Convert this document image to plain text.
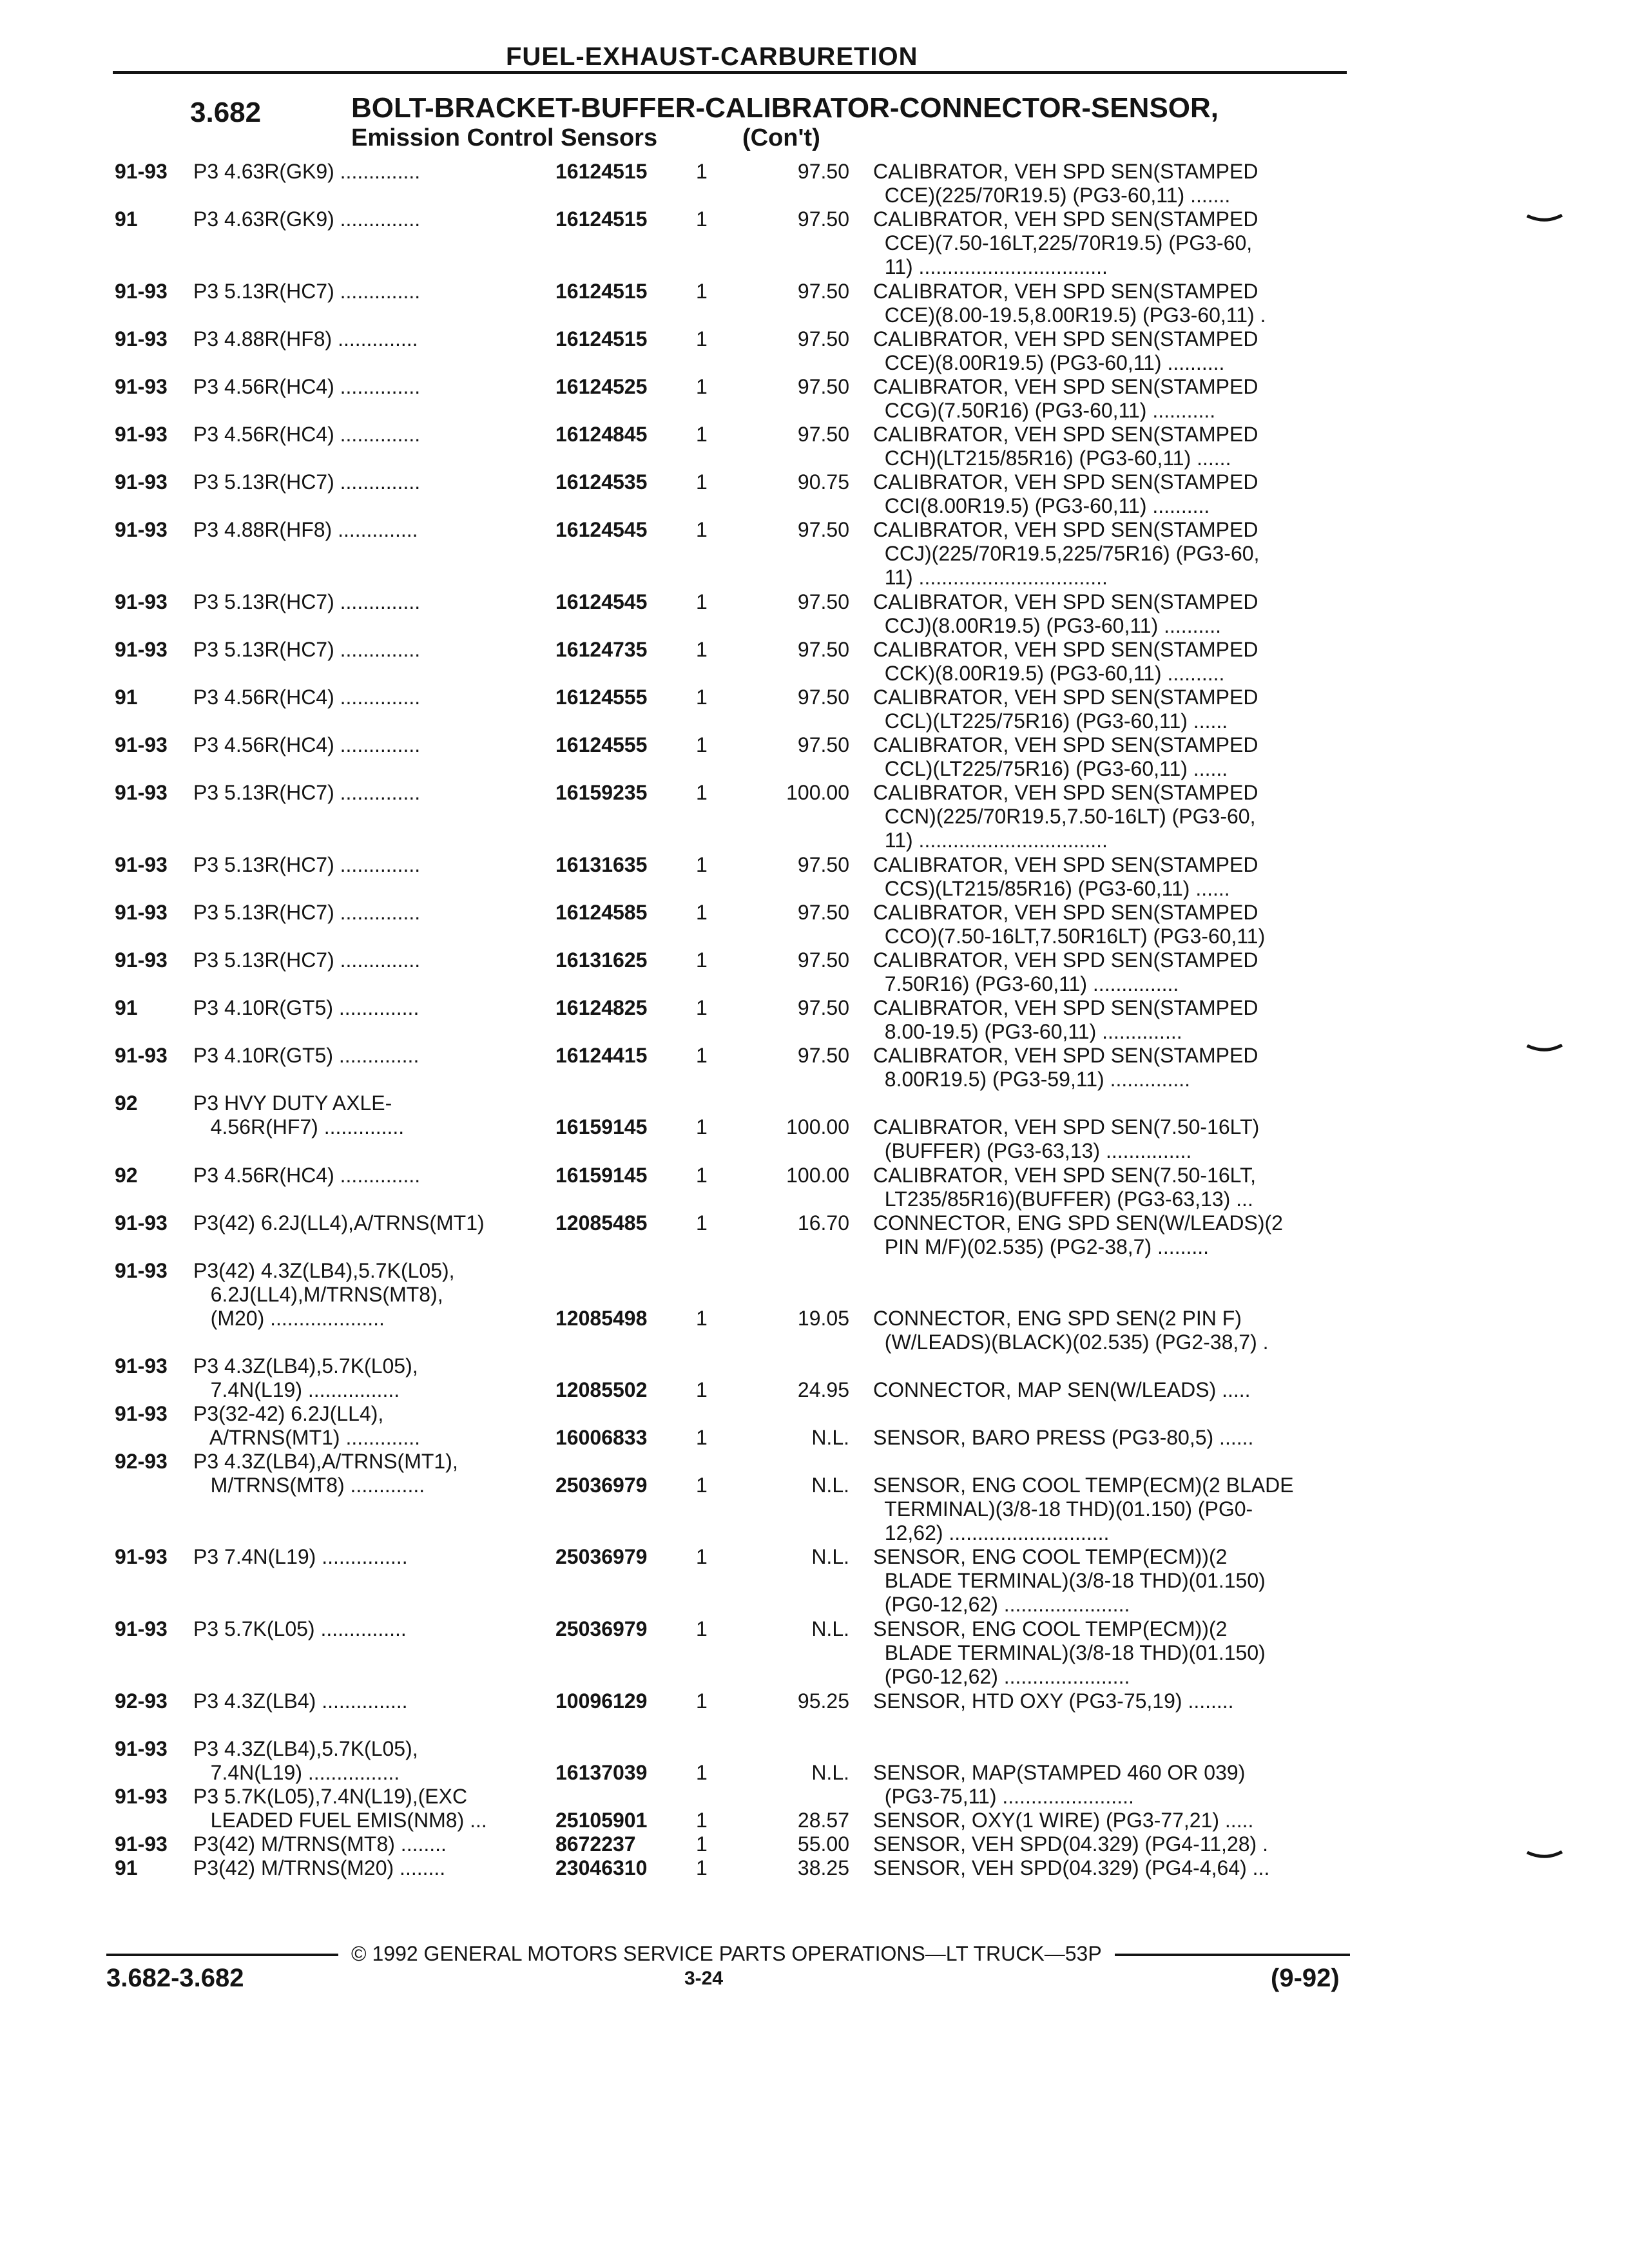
FUEL-EXHAUST-CARBURETION
3.682	BOLT-BRACKET-BUFFER-CALIBRATOR-CONNECTOR-SENSOR,
Emission Control Sensors	(Con't)
91-93	P3 4.63R(GK9) ..............	16124515	1	97.50 CALIBRATOR, VEH SPD SEN(STAMPED
CCE)(225/70R19.5) (PG3-60,11) .......
91	P3 4.63R(GK9) ..............	16124515	1	97.50 CALIBRATOR, VEH SPD SEN(STAMPED
CCE)(7.50-16LT,225/70R19.5) (PG3-60,
11) .................................
91-93	P3 5.13R(HC7) ..............	16124515	1	97.50 CALIBRATOR, VEH SPD SEN(STAMPED
CCE)(8.00-19.5,8.00R19.5) (PG3-60,11) .
91-93	P3 4.88R(HF8) ..............	16124515	1	97.50 CALIBRATOR, VEH SPD SEN(STAMPED
CCE)(8.00R19.5) (PG3-60,11) ..........
91-93	P3 4.56R(HC4) ..............	16124525	1	97.50 CALIBRATOR, VEH SPD SEN(STAMPED
CCG)(7.50R16) (PG3-60,11) ...........
91-93	P3 4.56R(HC4) ..............	16124845	1	97.50 CALIBRATOR, VEH SPD SEN(STAMPED
CCH)(LT215/85R16) (PG3-60,11) ......
91-93	P3 5.13R(HC7) ..............	16124535	1	90.75 CALIBRATOR, VEH SPD SEN(STAMPED
CCI(8.00R19.5) (PG3-60,11) ..........
91-93	P3 4.88R(HF8) ..............	16124545	1	97.50 CALIBRATOR, VEH SPD SEN(STAMPED
CCJ)(225/70R19.5,225/75R16) (PG3-60,
11) .................................
91-93	P3 5.13R(HC7) ..............	16124545	1	97.50 CALIBRATOR, VEH SPD SEN(STAMPED
CCJ)(8.00R19.5) (PG3-60,11) ..........
91-93	P3 5.13R(HC7) ..............	16124735	1	97.50 CALIBRATOR, VEH SPD SEN(STAMPED
CCK)(8.00R19.5) (PG3-60,11) ..........
91	P3 4.56R(HC4) ..............	16124555	1	97.50 CALIBRATOR, VEH SPD SEN(STAMPED
CCL)(LT225/75R16) (PG3-60,11) ......
91-93	P3 4.56R(HC4) ..............	16124555	1	97.50 CALIBRATOR, VEH SPD SEN(STAMPED
CCL)(LT225/75R16) (PG3-60,11) ......
91-93	P3 5.13R(HC7) ..............	16159235	1	100.00 CALIBRATOR, VEH SPD SEN(STAMPED
CCN)(225/70R19.5,7.50-16LT) (PG3-60,
11) .................................
91-93	P3 5.13R(HC7) ..............	16131635	1	97.50 CALIBRATOR, VEH SPD SEN(STAMPED
CCS)(LT215/85R16) (PG3-60,11) ......
91-93	P3 5.13R(HC7) ..............	16124585	1	97.50 CALIBRATOR, VEH SPD SEN(STAMPED
CCO)(7.50-16LT,7.50R16LT) (PG3-60,11)
91-93	P3 5.13R(HC7) ..............	16131625	1	97.50 CALIBRATOR, VEH SPD SEN(STAMPED
7.50R16) (PG3-60,11) ...............
91	P3 4.10R(GT5) ..............	16124825	1	97.50 CALIBRATOR, VEH SPD SEN(STAMPED
8.00-19.5) (PG3-60,11) ..............
91-93	P3 4.10R(GT5) ..............	16124415	1	97.50 CALIBRATOR, VEH SPD SEN(STAMPED
8.00R19.5) (PG3-59,11) ..............
92	P3 HVY DUTY AXLE-
4.56R(HF7) ..............	16159145	1	100.00
CALIBRATOR, VEH SPD SEN(7.50-16LT)
(BUFFER) (PG3-63,13) ...............
92	P3 4.56R(HC4) ..............	16159145	1	100.00 CALIBRATOR, VEH SPD SEN(7.50-16LT,
LT235/85R16)(BUFFER) (PG3-63,13) ...
91-93	P3(42) 6.2J(LL4),A/TRNS(MT1)	12085485	1	16.70 CONNECTOR, ENG SPD SEN(W/LEADS)(2
PIN M/F)(02.535) (PG2-38,7) .........
91-93	P3(42) 4.3Z(LB4),5.7K(L05),
6.2J(LL4),M/TRNS(MT8),
(M20) ....................	12085498	1	19.05

CONNECTOR, ENG SPD SEN(2 PIN F)
(W/LEADS)(BLACK)(02.535) (PG2-38,7) .
91-93	P3 4.3Z(LB4),5.7K(L05),
7.4N(L19) ................	12085502	1	24.95
CONNECTOR, MAP SEN(W/LEADS) .....
91-93	P3(32-42) 6.2J(LL4),
A/TRNS(MT1) .............	16006833	1	N.L.
SENSOR, BARO PRESS (PG3-80,5) ......
92-93	P3 4.3Z(LB4),A/TRNS(MT1),
M/TRNS(MT8) .............	25036979	1	N.L.
SENSOR, ENG COOL TEMP(ECM)(2 BLADE
TERMINAL)(3/8-18 THD)(01.150) (PG0-
12,62) ............................
91-93	P3 7.4N(L19) ...............	25036979	1	N.L. SENSOR, ENG COOL TEMP(ECM))(2
BLADE TERMINAL)(3/8-18 THD)(01.150)
(PG0-12,62) ......................
91-93	P3 5.7K(L05) ...............	25036979	1	N.L. SENSOR, ENG COOL TEMP(ECM))(2
BLADE TERMINAL)(3/8-18 THD)(01.150)
(PG0-12,62) ......................
92-93	P3 4.3Z(LB4) ...............	10096129	1	95.25 SENSOR, HTD OXY (PG3-75,19) ........
91-93	P3 4.3Z(LB4),5.7K(L05),
7.4N(L19) ................	16137039	1	N.L.
SENSOR, MAP(STAMPED 460 OR 039)
(PG3-75,11) .......................
91-93	P3 5.7K(L05),7.4N(L19),(EXC
LEADED FUEL EMIS(NM8) ...	25105901	1	28.57
SENSOR, OXY(1 WIRE) (PG3-77,21) .....
91-93	P3(42) M/TRNS(MT8) ........	8672237	1	55.00 SENSOR, VEH SPD(04.329) (PG4-11,28) .
91	P3(42) M/TRNS(M20) ........	23046310	1	38.25 SENSOR, VEH SPD(04.329) (PG4-4,64) ...
© 1992 GENERAL MOTORS SERVICE PARTS OPERATIONS—LT TRUCK—53P
3.682-3.682	3-24	(9-92)
